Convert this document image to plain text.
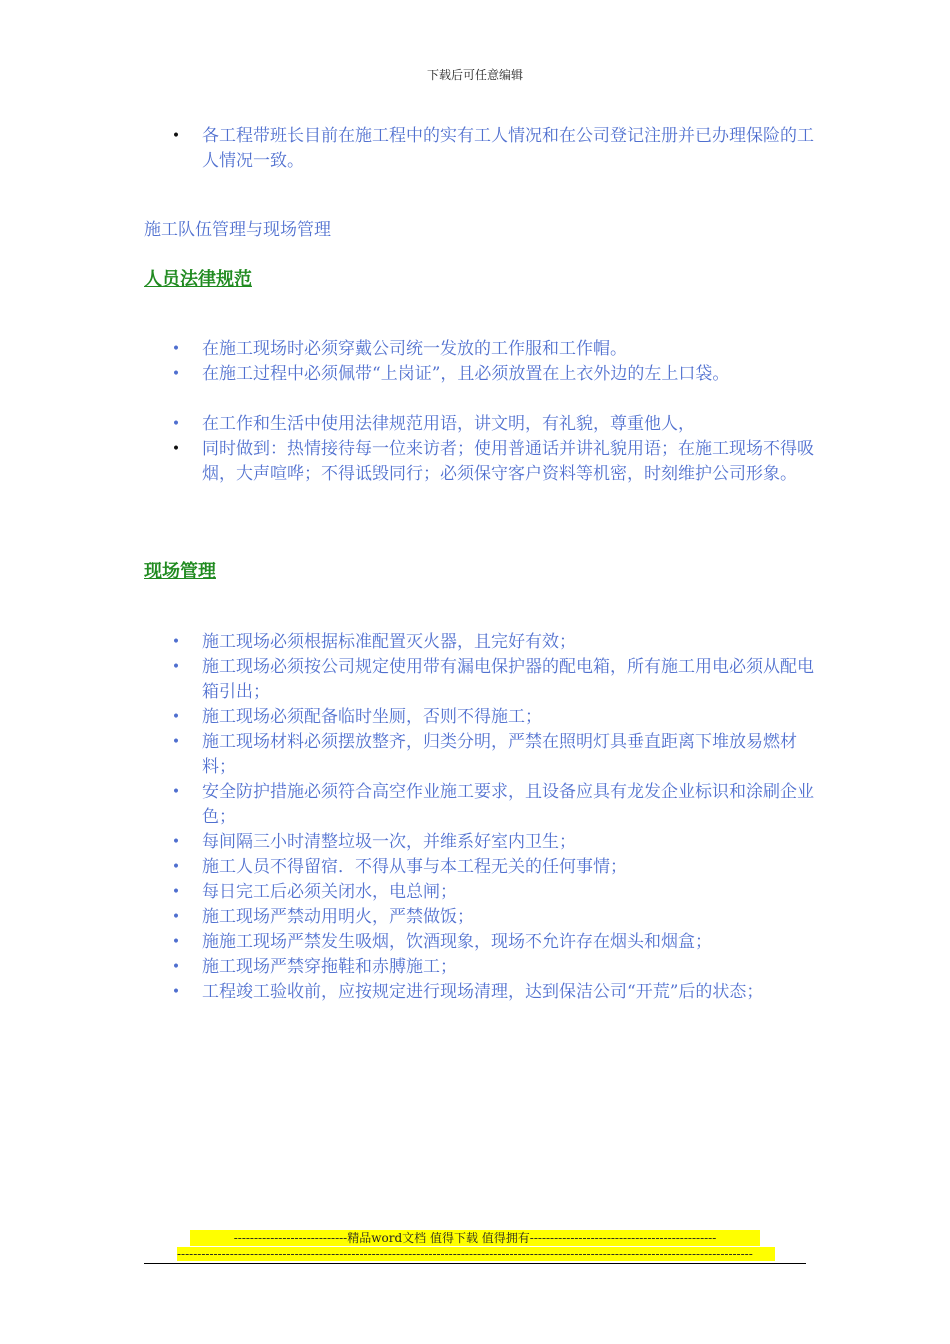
下载后可任意编辑
• 各工程带班长目前在施工程中的实有工人情况和在公司登记注册并已办理保险的工人情况一致。
施工队伍管理与现场管理
人员法律规范
• 在施工现场时必须穿戴公司统一发放的工作服和工作帽。
• 在施工过程中必须佩带“上岗证”，且必须放置在上衣外边的左上口袋。
• 在工作和生活中使用法律规范用语，讲文明，有礼貌，尊重他人，
• 同时做到：热情接待每一位来访者；使用普通话并讲礼貌用语；在施工现场不得吸烟，大声喧哗；不得诋毁同行；必须保守客户资料等机密，时刻维护公司形象。
现场管理
• 施工现场必须根据标准配置灭火器，且完好有效；
• 施工现场必须按公司规定使用带有漏电保护器的配电箱，所有施工用电必须从配电箱引出；
• 施工现场必须配备临时坐厕，否则不得施工；
• 施工现场材料必须摆放整齐，归类分明，严禁在照明灯具垂直距离下堆放易燃材料；
• 安全防护措施必须符合高空作业施工要求，且设备应具有龙发企业标识和涂刷企业色；
• 每间隔三小时清整垃圾一次，并维系好室内卫生；
• 施工人员不得留宿．不得从事与本工程无关的任何事情；
• 每日完工后必须关闭水，电总闸；
• 施工现场严禁动用明火，严禁做饭；
• 施施工现场严禁发生吸烟，饮酒现象，现场不允许存在烟头和烟盒；
• 施工现场严禁穿拖鞋和赤膊施工；
• 工程竣工验收前，应按规定进行现场清理，达到保洁公司“开荒”后的状态；
----------------------------精品word文档 值得下载 值得拥有----------------------------------------------
----------------------------------------------------------------------------------------------------------------------------------------------
